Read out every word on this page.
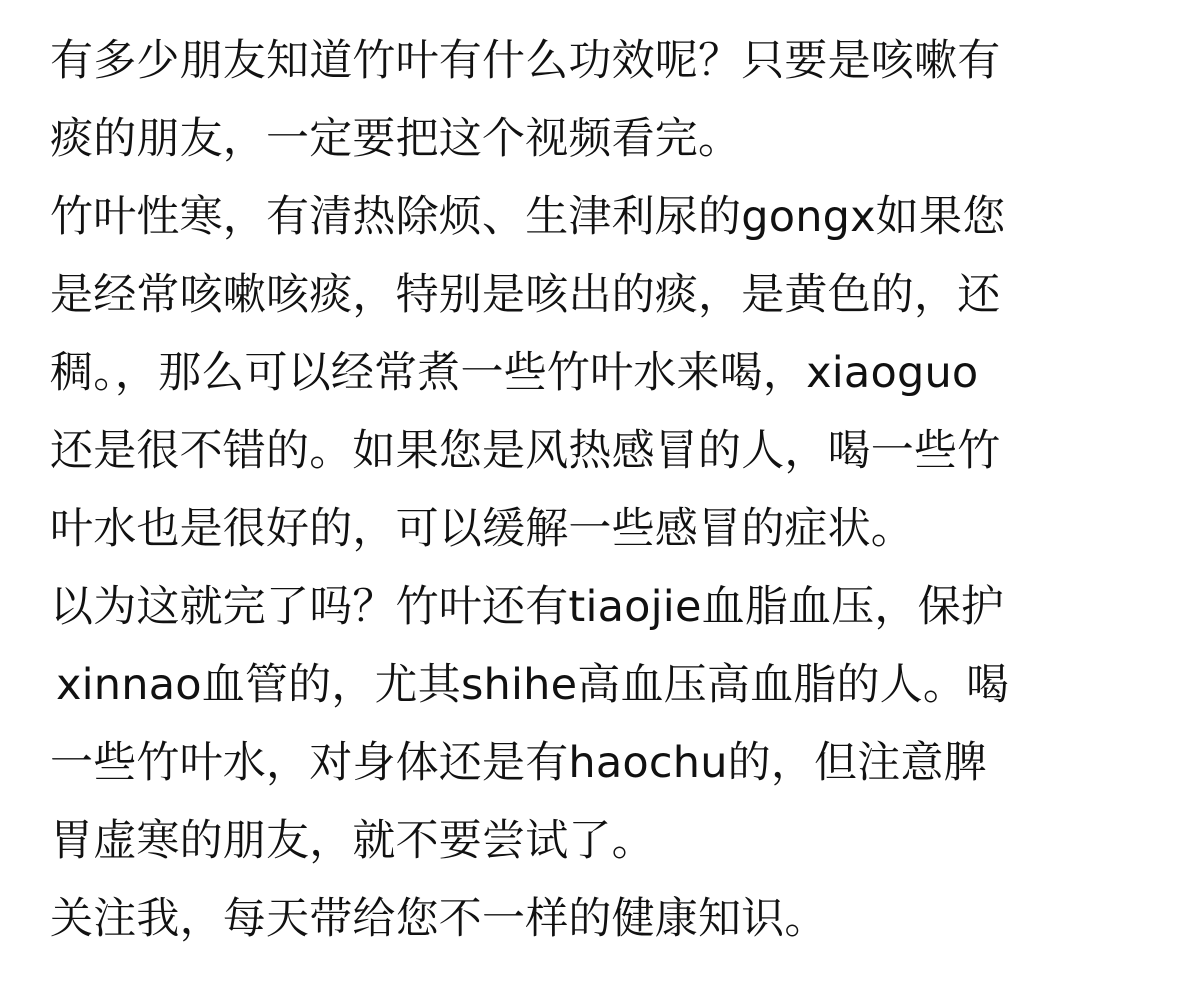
有多少朋友知道竹叶有什么功效呢？只要是咳嗽有
痰的朋友，一定要把这个视频看完。
竹叶性寒，有清热除烦、生津利尿的gongx如果您
是经常咳嗽咳痰，特别是咳出的痰，是黄色的，还
稠。，那么可以经常煮一些竹叶水来喝，xiaoguo
还是很不错的。如果您是风热感冒的人，喝一些竹
叶水也是很好的，可以缓解一些感冒的症状。
以为这就完了吗？竹叶还有tiaojie血脂血压，保护
xinnao血管的，尤其shihe高血压高血脂的人。喝
一些竹叶水，对身体还是有haochu的，但注意脾
胃虚寒的朋友，就不要尝试了。
关注我，每天带给您不一样的健康知识。
